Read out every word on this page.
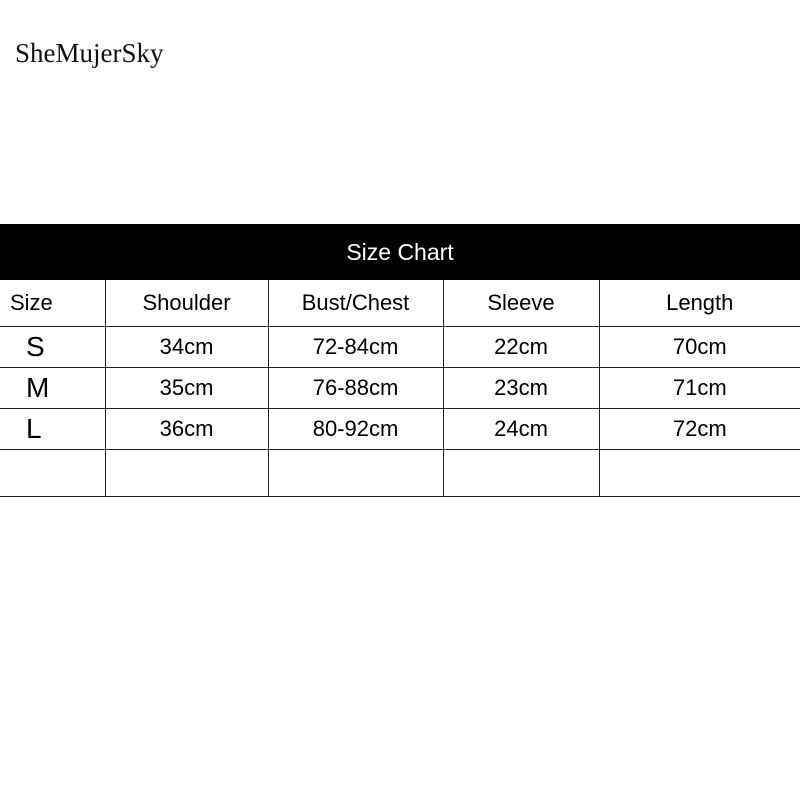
SheMujerSky
Size Chart
Size	Shoulder	Bust/Chest	Sleeve	Length
S	34cm	72-84cm	22cm	70cm
M	35cm	76-88cm	23cm	71cm
L	36cm	80-92cm	24cm	72cm
